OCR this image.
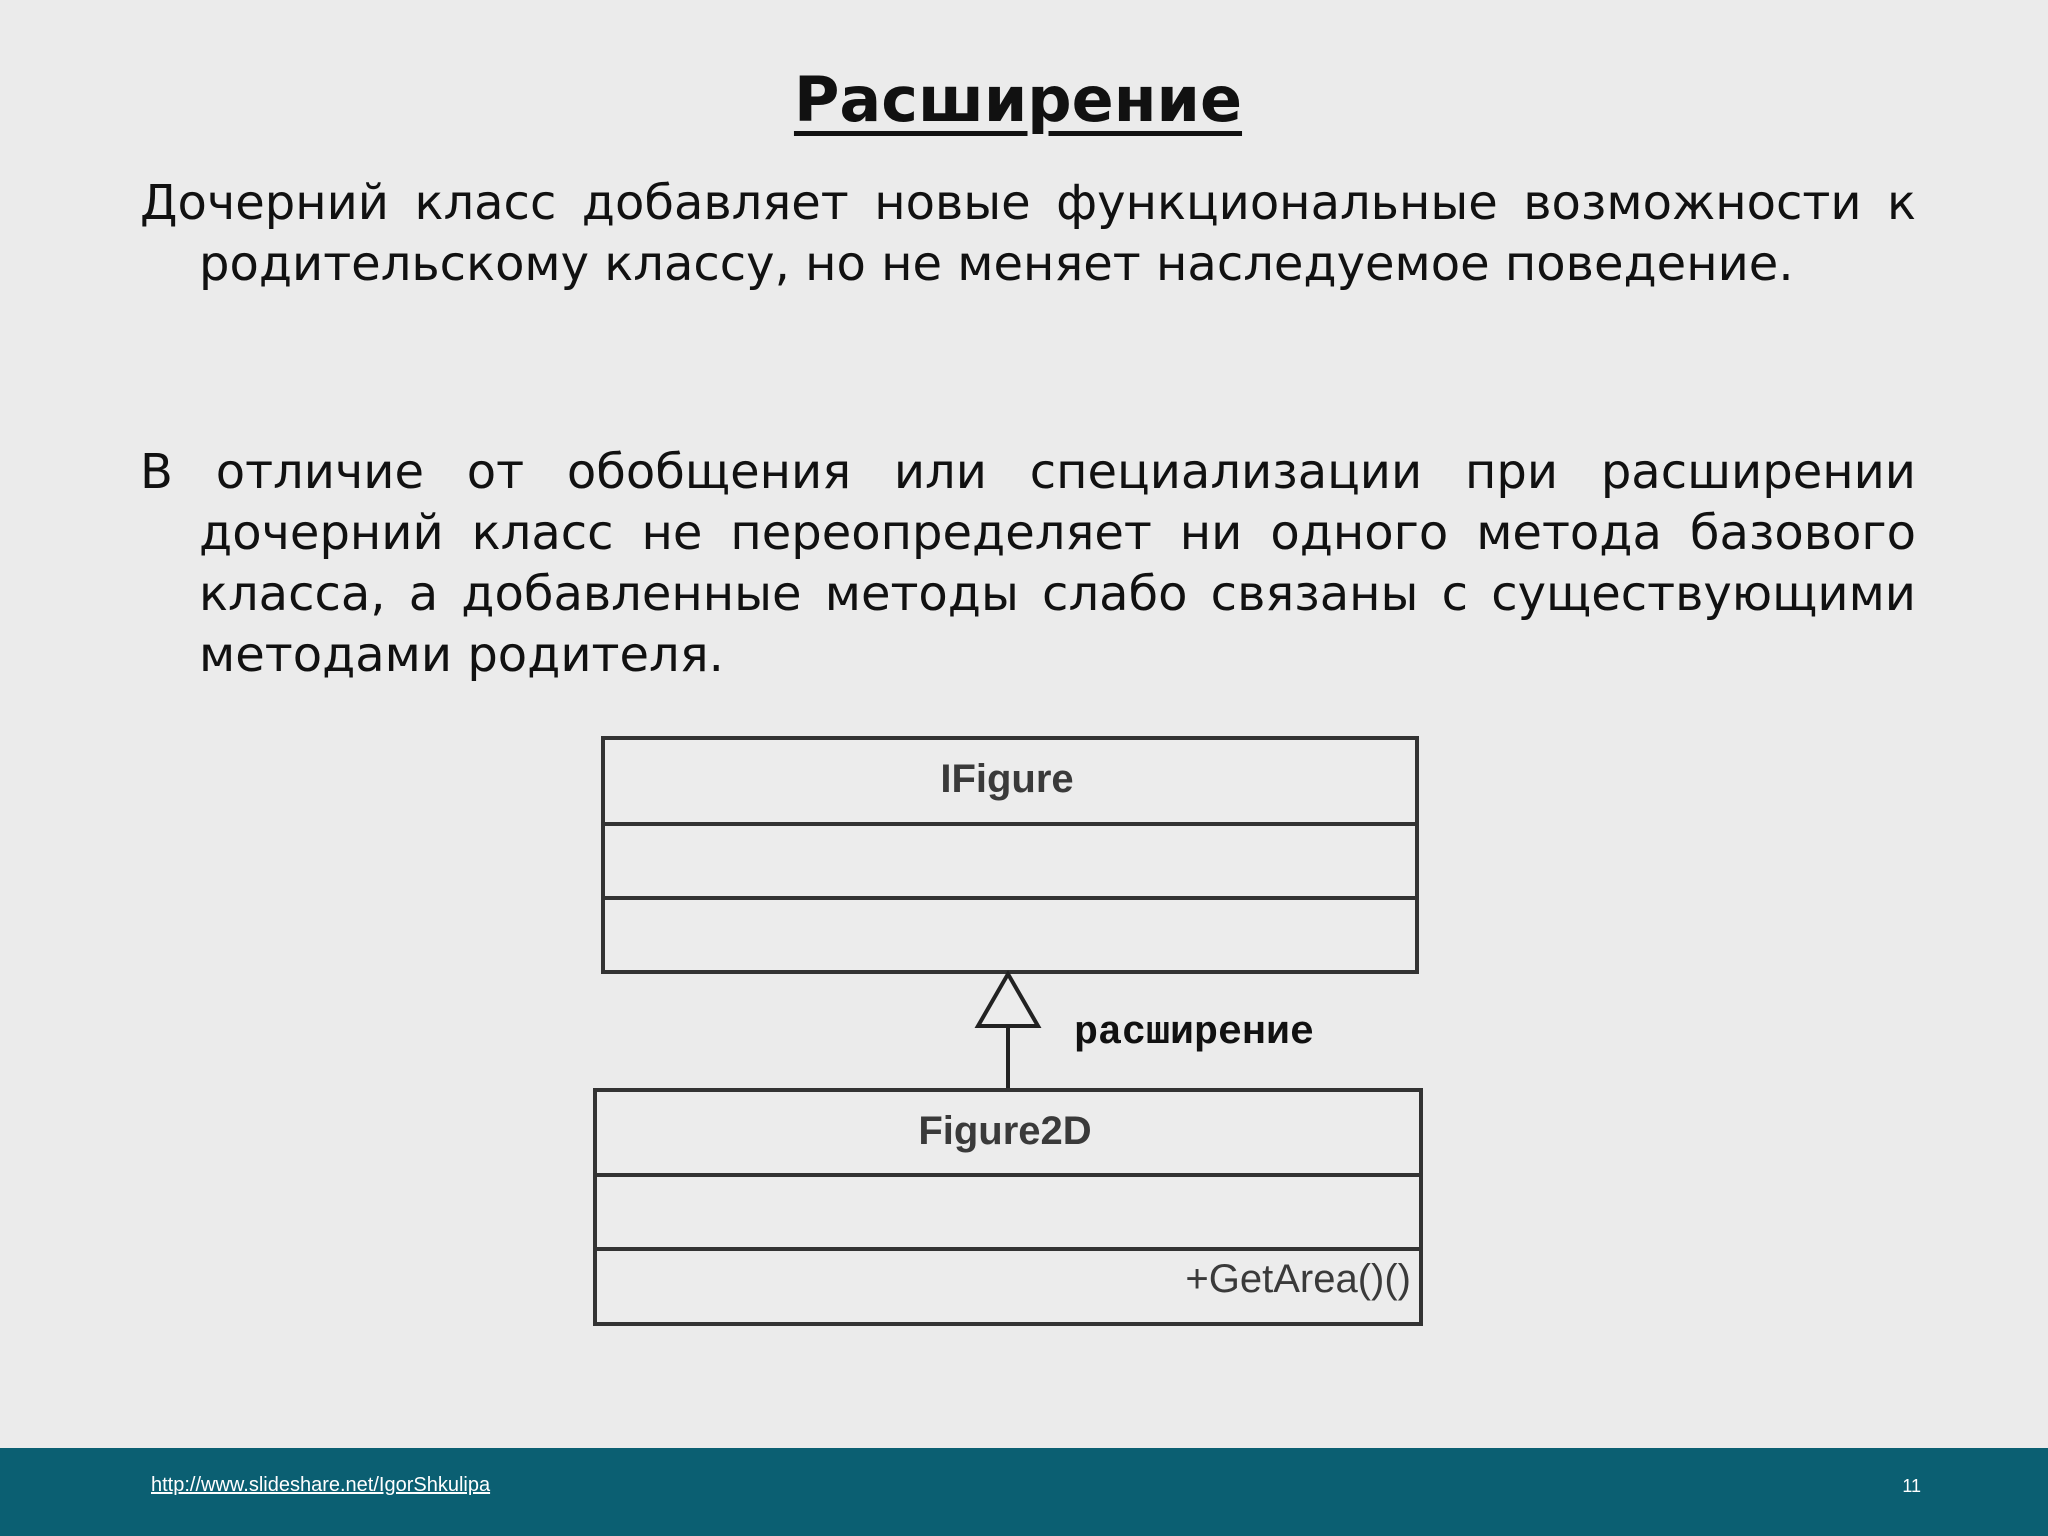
Расширение

Дочерний класс добавляет новые функциональные возможности к родительскому классу, но не меняет наследуемое поведение.

В отличие от обобщения или специализации при расширении дочерний класс не переопределяет ни одного метода базового класса, а добавленные методы слабо связаны с существующими методами родителя.

IFigure
расширение
Figure2D
+GetArea()()
http://www.slideshare.net/IgorShkulipa	11
